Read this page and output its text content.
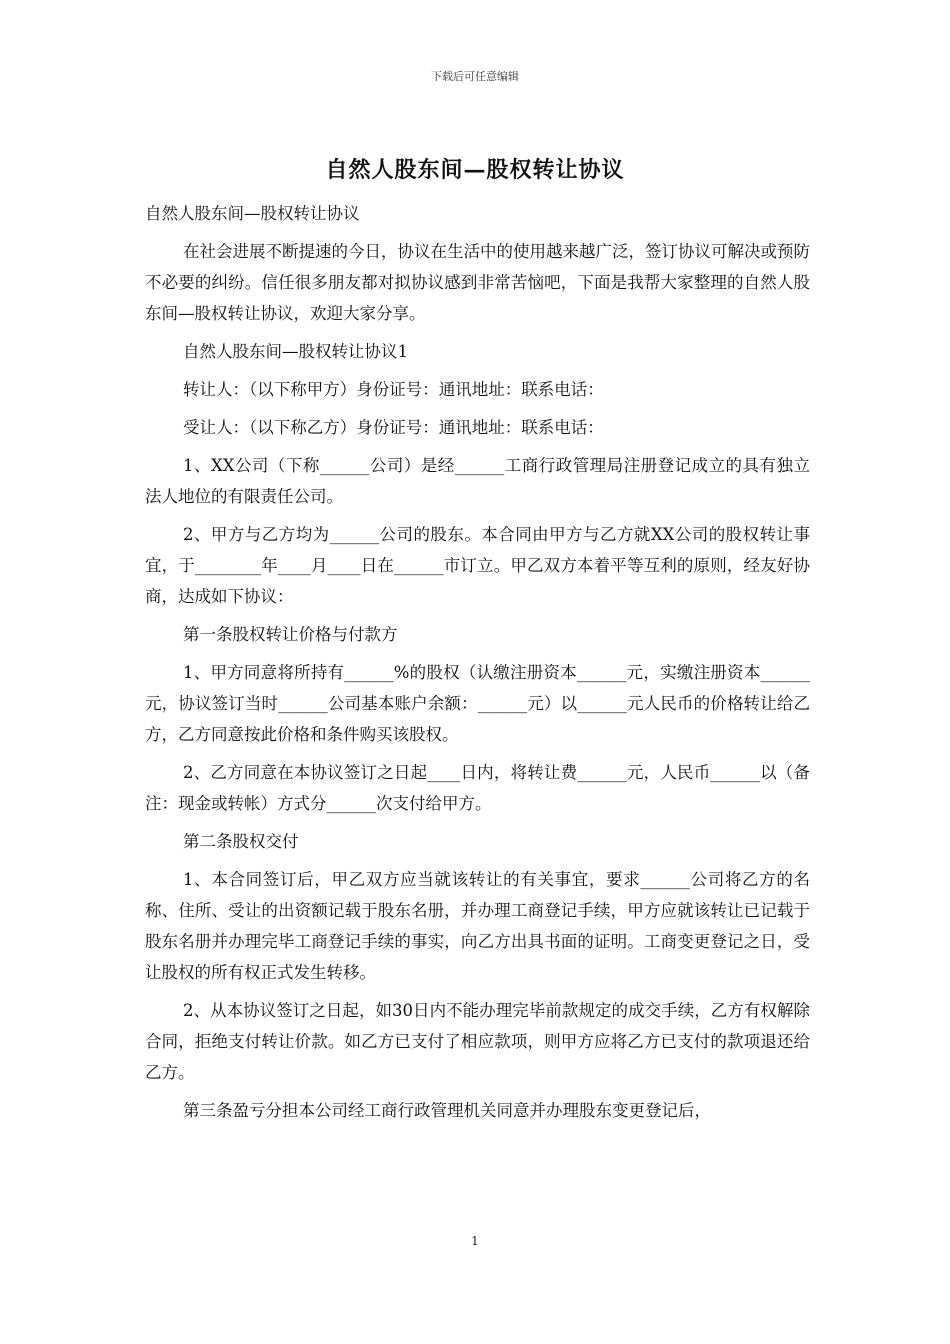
下载后可任意编辑
自然人股东间—股权转让协议

自然人股东间—股权转让协议

在社会进展不断提速的今日，协议在生活中的使用越来越广泛，签订协议可解决或预防不必要的纠纷。信任很多朋友都对拟协议感到非常苦恼吧，下面是我帮大家整理的自然人股东间—股权转让协议，欢迎大家分享。

自然人股东间—股权转让协议1

转让人：（以下称甲方）身份证号：通讯地址：联系电话：

受让人：（以下称乙方）身份证号：通讯地址：联系电话：

1、XX公司（下称______公司）是经______工商行政管理局注册登记成立的具有独立法人地位的有限责任公司。

2、甲方与乙方均为______公司的股东。本合同由甲方与乙方就XX公司的股权转让事宜，于________年____月____日在______市订立。甲乙双方本着平等互利的原则，经友好协商，达成如下协议：

第一条股权转让价格与付款方

1、甲方同意将所持有______%的股权（认缴注册资本______元，实缴注册资本______元，协议签订当时______公司基本账户余额：______元）以______元人民币的价格转让给乙方，乙方同意按此价格和条件购买该股权。

2、乙方同意在本协议签订之日起____日内，将转让费______元，人民币______以（备注：现金或转帐）方式分______次支付给甲方。

第二条股权交付

1、本合同签订后，甲乙双方应当就该转让的有关事宜，要求______公司将乙方的名称、住所、受让的出资额记载于股东名册，并办理工商登记手续，甲方应就该转让已记载于股东名册并办理完毕工商登记手续的事实，向乙方出具书面的证明。工商变更登记之日，受让股权的所有权正式发生转移。

2、从本协议签订之日起，如30日内不能办理完毕前款规定的成交手续，乙方有权解除合同，拒绝支付转让价款。如乙方已支付了相应款项，则甲方应将乙方已支付的款项退还给乙方。

第三条盈亏分担本公司经工商行政管理机关同意并办理股东变更登记后，

1
